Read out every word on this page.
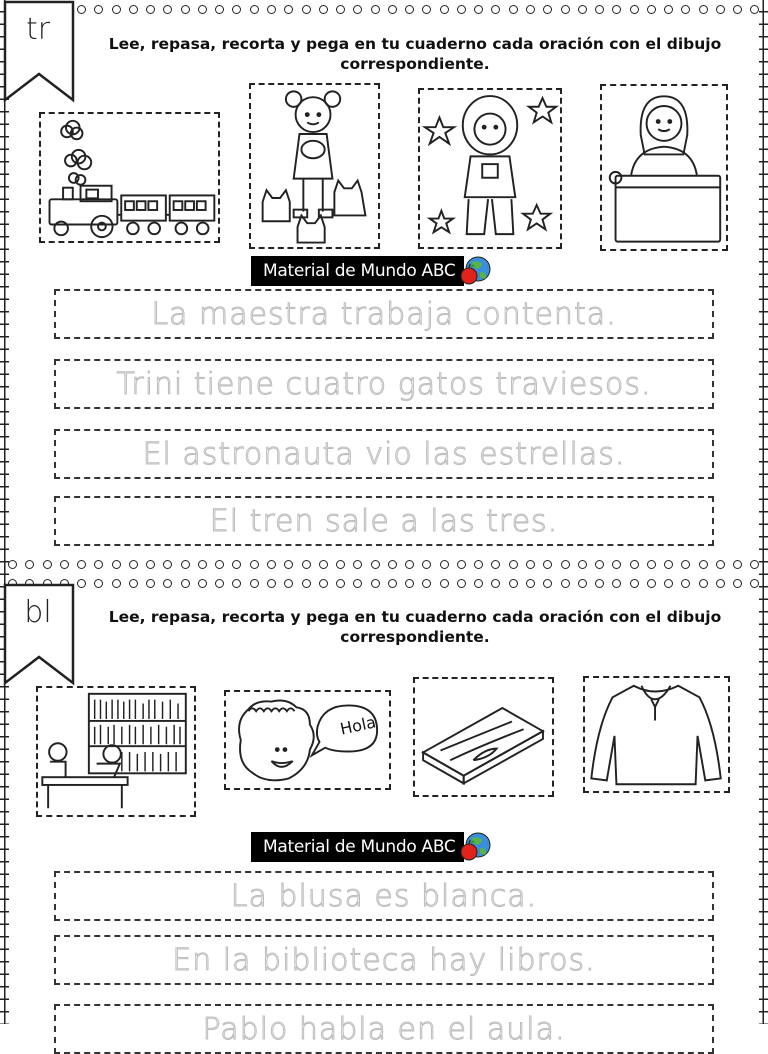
tr	Lee, repasa, recorta y pega en tu cuaderno cada oración con el dibujo correspondiente.
Material de Mundo ABC
La maestra trabaja contenta.
Trini tiene cuatro gatos traviesos.
El astronauta vio las estrellas.
El tren sale a las tres.
bl	Lee, repasa, recorta y pega en tu cuaderno cada oración con el dibujo correspondiente.
Hola
Material de Mundo ABC
La blusa es blanca.
En la biblioteca hay libros.
Pablo habla en el aula.
